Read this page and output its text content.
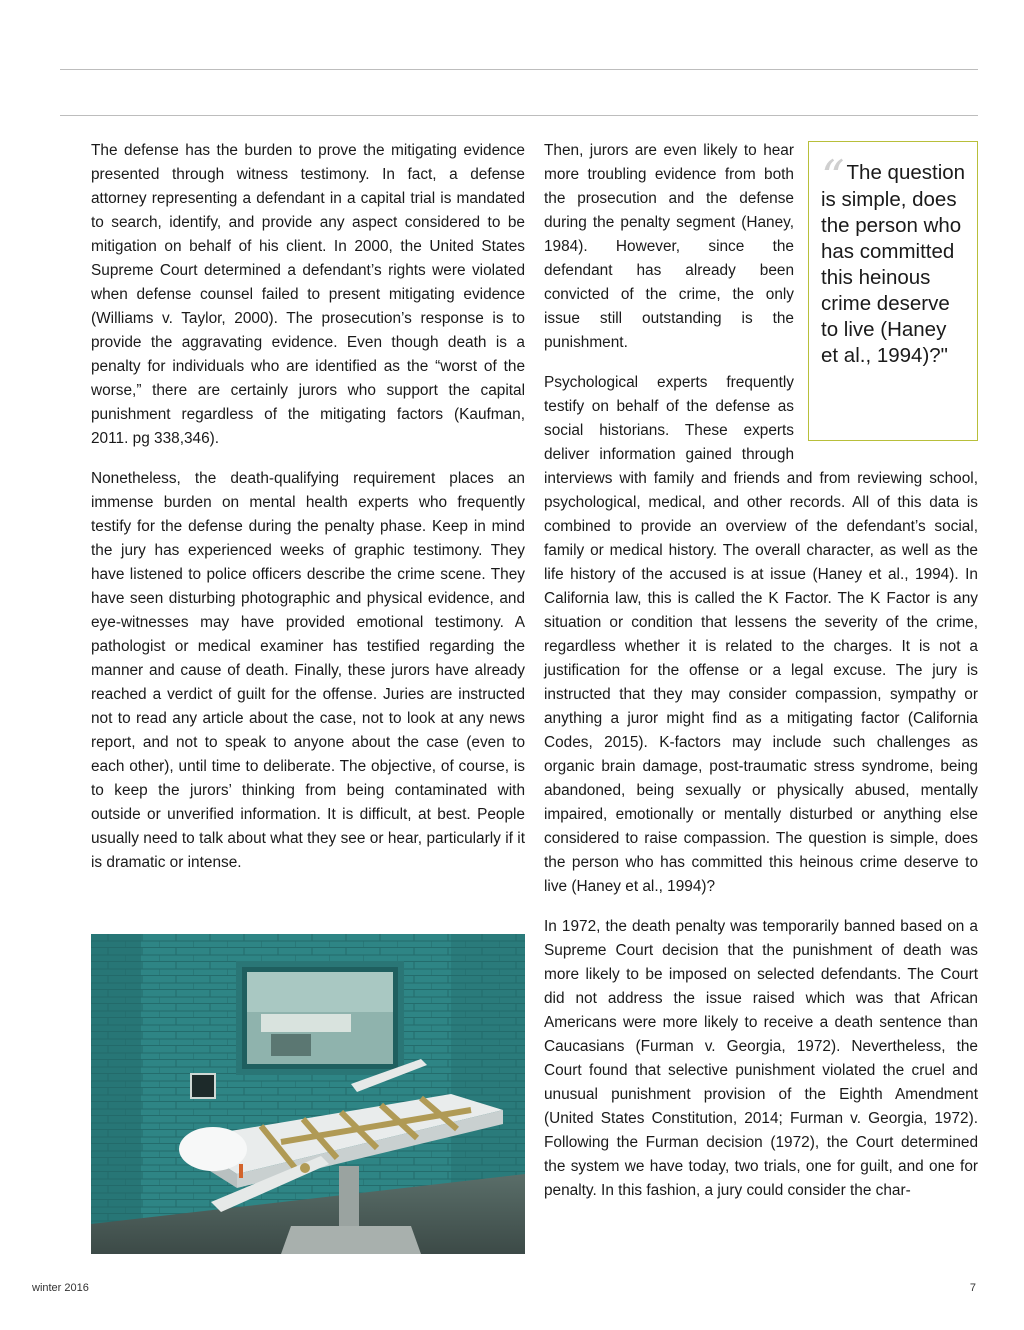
The defense has the burden to prove the mitigating evidence presented through witness testimony. In fact, a defense attorney representing a defendant in a capital trial is mandated to search, identify, and provide any aspect considered to be mitigation on behalf of his client. In 2000, the United States Supreme Court determined a defendant’s rights were violated when defense counsel failed to present mitigating evidence (Williams v. Taylor, 2000). The prosecution’s response is to provide the aggravating evidence. Even though death is a penalty for individuals who are identified as the “worst of the worse,” there are certainly jurors who support the capital punishment regardless of the mitigating factors (Kaufman, 2011. pg 338,346).

Nonetheless, the death-qualifying requirement places an immense burden on mental health experts who frequently testify for the defense during the penalty phase. Keep in mind the jury has experienced weeks of graphic testimony. They have listened to police officers describe the crime scene. They have seen disturbing photographic and physical evidence, and eye-witnesses may have provided emotional testimony. A pathologist or medical examiner has testified regarding the manner and cause of death. Finally, these jurors have already reached a verdict of guilt for the offense. Juries are instructed not to read any article about the case, not to look at any news report, and not to speak to anyone about the case (even to each other), until time to deliberate. The objective, of course, is to keep the jurors’ thinking from being contaminated with outside or unverified information. It is difficult, at best. People usually need to talk about what they see or hear, particularly if it is dramatic or intense.

“The question is simple, does the person who has committed this heinous crime deserve to live (Haney et al., 1994)?"

Then, jurors are even likely to hear more troubling evidence from both the prosecution and the defense during the penalty segment (Haney, 1984). However, since the defendant has already been convicted of the crime, the only issue still outstanding is the punishment.

Psychological experts frequently testify on behalf of the defense as social historians. These experts deliver information gained through interviews with family and friends and from reviewing school, psychological, medical, and other records. All of this data is combined to provide an overview of the defendant’s social, family or medical history. The overall character, as well as the life history of the accused is at issue (Haney et al., 1994). In California law, this is called the K Factor. The K Factor is any situation or condition that lessens the severity of the crime, regardless whether it is related to the charges. It is not a justification for the offense or a legal excuse. The jury is instructed that they may consider compassion, sympathy or anything a juror might find as a mitigating factor (California Codes, 2015). K-factors may include such challenges as organic brain damage, post-traumatic stress syndrome, being abandoned, being sexually or physically abused, mentally impaired, emotionally or mentally disturbed or anything else considered to raise compassion. The question is simple, does the person who has committed this heinous crime deserve to live (Haney et al., 1994)?

In 1972, the death penalty was temporarily banned based on a Supreme Court decision that the punishment of death was more likely to be imposed on selected defendants. The Court did not address the issue raised which was that African Americans were more likely to receive a death sentence than Caucasians (Furman v. Georgia, 1972). Nevertheless, the Court found that selective punishment violated the cruel and unusual punishment provision of the Eighth Amendment (United States Constitution, 2014; Furman v. Georgia, 1972). Following the Furman decision (1972), the Court determined the system we have today, two trials, one for guilt, and one for penalty. In this fashion, a jury could consider the char-

winter 2016	7
